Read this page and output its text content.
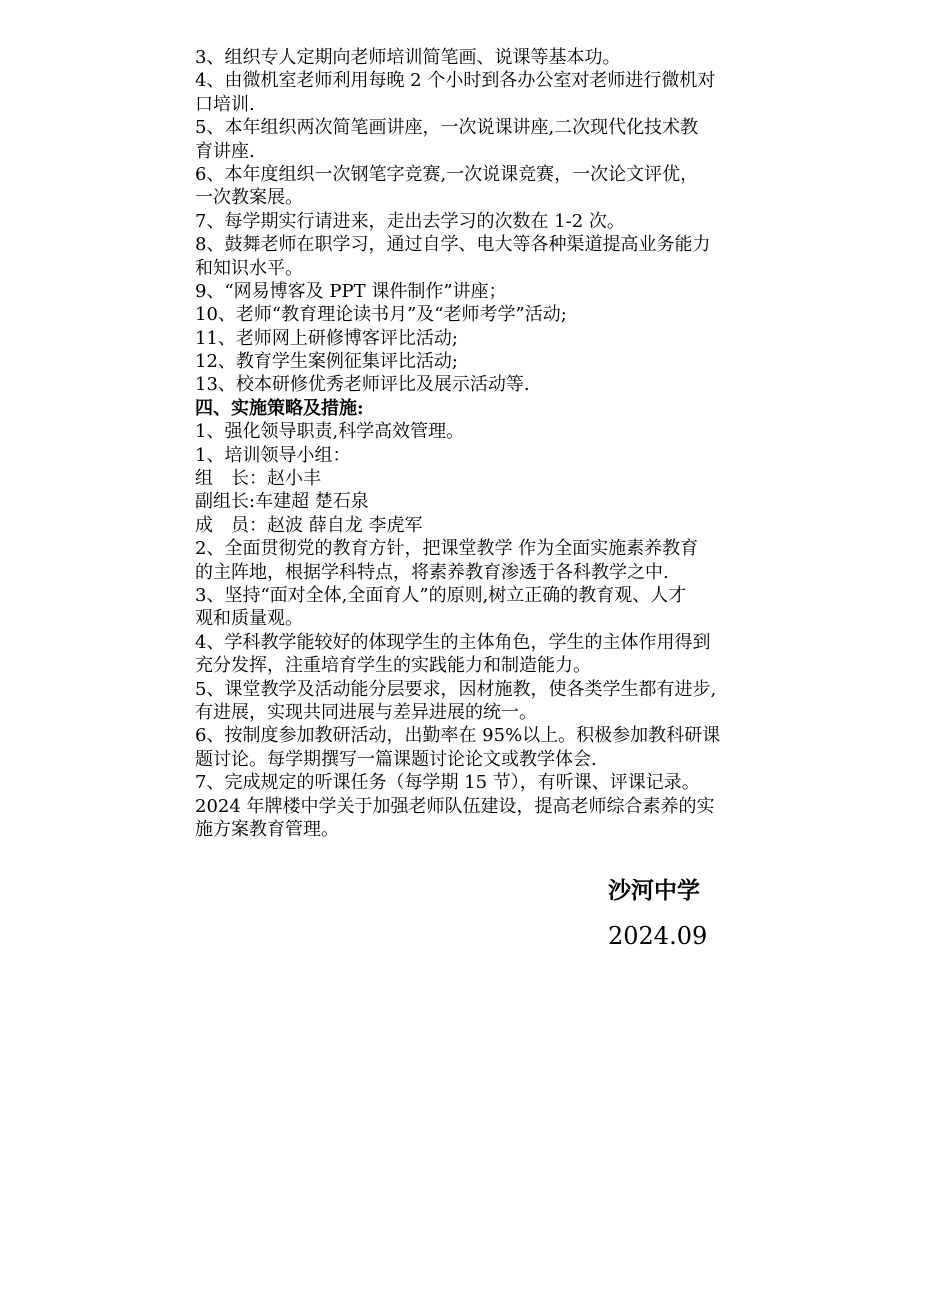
3、组织专人定期向老师培训简笔画、说课等基本功。
4、由微机室老师利用每晚 2 个小时到各办公室对老师进行微机对
口培训.
5、本年组织两次简笔画讲座，一次说课讲座,二次现代化技术教
育讲座.
6、本年度组织一次钢笔字竞赛,一次说课竞赛，一次论文评优，
一次教案展。
7、每学期实行请进来，走出去学习的次数在 1-2 次。
8、鼓舞老师在职学习，通过自学、电大等各种渠道提高业务能力
和知识水平。
9、“网易博客及 PPT 课件制作”讲座；
10、老师“教育理论读书月”及“老师考学”活动;
11、老师网上研修博客评比活动;
12、教育学生案例征集评比活动;
13、校本研修优秀老师评比及展示活动等.
四、实施策略及措施:
1、强化领导职责,科学高效管理。
1、培训领导小组：
组　长：赵小丰
副组长:车建超 楚石泉
成　员：赵波 薛自龙 李虎军
2、全面贯彻党的教育方针，把课堂教学 作为全面实施素养教育
的主阵地，根据学科特点，将素养教育渗透于各科教学之中.
3、坚持“面对全体,全面育人”的原则,树立正确的教育观、人才
观和质量观。
4、学科教学能较好的体现学生的主体角色，学生的主体作用得到
充分发挥，注重培育学生的实践能力和制造能力。
5、课堂教学及活动能分层要求，因材施教，使各类学生都有进步,
有进展，实现共同进展与差异进展的统一。
6、按制度参加教研活动，出勤率在 95%以上。积极参加教科研课
题讨论。每学期撰写一篇课题讨论论文或教学体会.
7、完成规定的听课任务（每学期 15 节），有听课、评课记录。
2024 年牌楼中学关于加强老师队伍建设，提高老师综合素养的实
施方案教育管理。
沙河中学
2024.09
